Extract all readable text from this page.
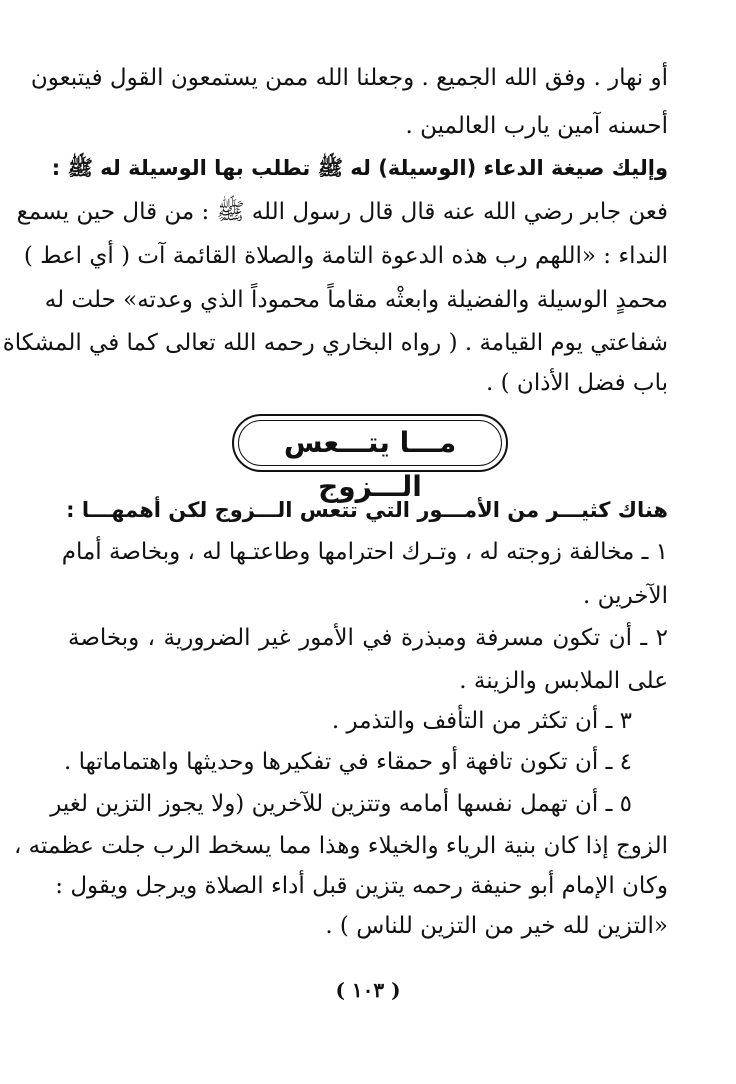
أو نهار . وفق الله الجميع . وجعلنا الله ممن يستمعون القول فيتبعون
أحسنه آمين يارب العالمين .
وإليك صيغة الدعاء (الوسيلة) له ﷺ تطلب بها الوسيلة له ﷺ :
فعن جابر رضي الله عنه قال قال رسول الله ﷺ : من قال حين يسمع
النداء : «اللهم رب هذه الدعوة التامة والصلاة القائمة آت ( أي اعط )
محمدٍ الوسيلة والفضيلة وابعثْه مقاماً محموداً الذي وعدته» حلت له
شفاعتي يوم القيامة . ( رواه البخاري رحمه الله تعالى كما في المشكاة
باب فضل الأذان ) .
مـــا يتـــعس الـــزوج
هناك كثيـــر من الأمـــور التي تتعس الـــزوج لكن أهمهـــا :
١ ـ مخالفة زوجته له ، وتـرك احترامها وطاعتـها له ، وبخاصة أمام
الآخرين .
٢ ـ أن تكون مسرفة ومبذرة في الأمور غير الضرورية ، وبخاصة
على الملابس والزينة .
٣ ـ أن تكثر من التأفف والتذمر .
٤ ـ أن تكون تافهة أو حمقاء في تفكيرها وحديثها واهتماماتها .
٥ ـ أن تهمل نفسها أمامه وتتزين للآخرين (ولا يجوز التزين لغير
الزوج إذا كان بنية الرياء والخيلاء وهذا مما يسخط الرب جلت عظمته ،
وكان الإمام أبو حنيفة رحمه يتزين قبل أداء الصلاة ويرجل ويقول :
«التزين لله خير من التزين للناس ) .
( ١٠٣ )
